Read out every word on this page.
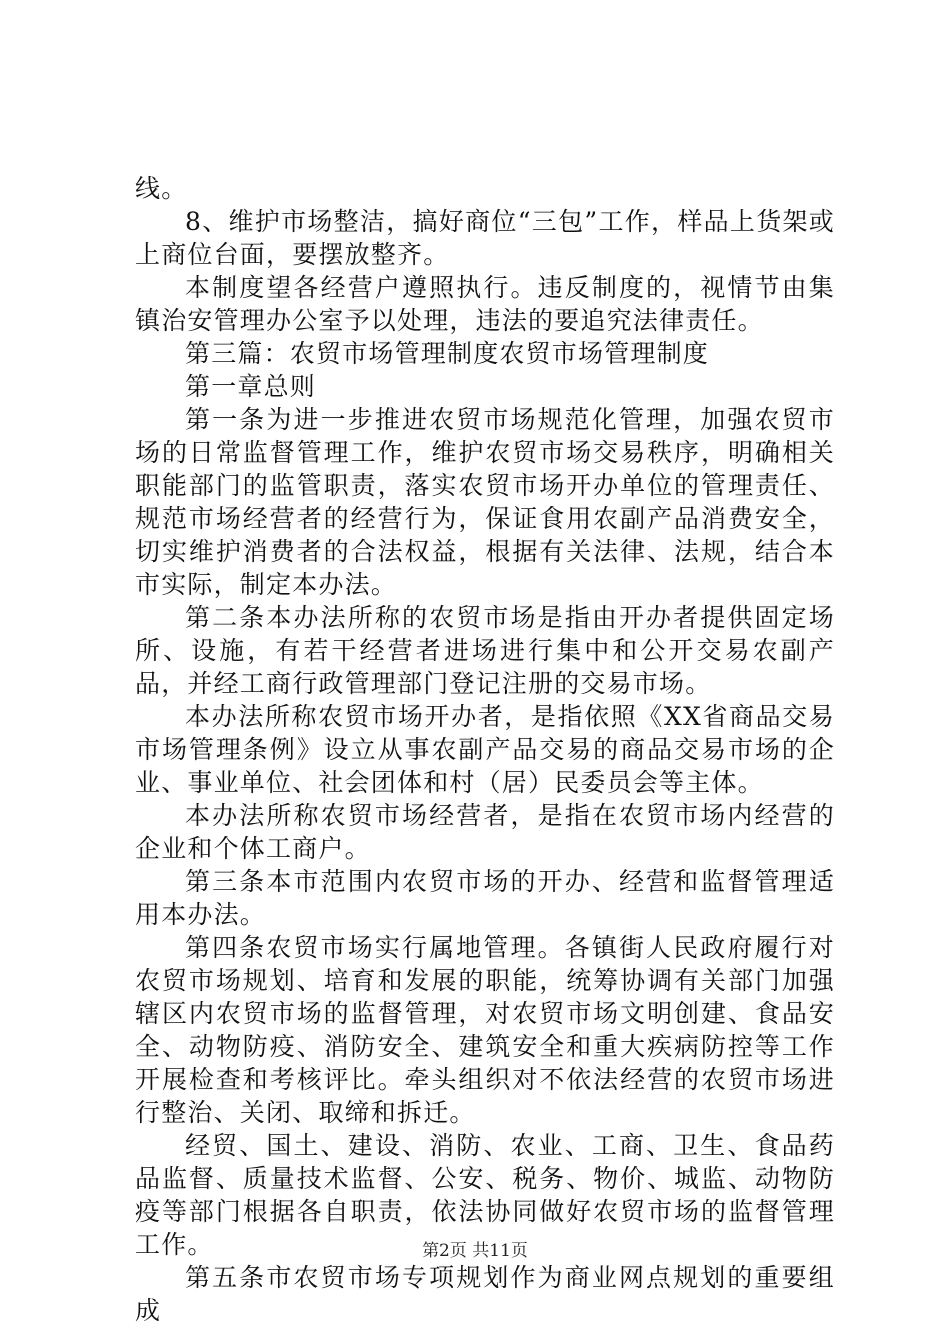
线。

8、维护市场整洁，搞好商位“三包”工作，样品上货架或上商位台面，要摆放整齐。

本制度望各经营户遵照执行。违反制度的，视情节由集镇治安管理办公室予以处理，违法的要追究法律责任。

第三篇：农贸市场管理制度农贸市场管理制度

第一章总则

第一条为进一步推进农贸市场规范化管理，加强农贸市场的日常监督管理工作，维护农贸市场交易秩序，明确相关职能部门的监管职责，落实农贸市场开办单位的管理责任、规范市场经营者的经营行为，保证食用农副产品消费安全，切实维护消费者的合法权益，根据有关法律、法规，结合本市实际，制定本办法。

第二条本办法所称的农贸市场是指由开办者提供固定场所、设施，有若干经营者进场进行集中和公开交易农副产品，并经工商行政管理部门登记注册的交易市场。

本办法所称农贸市场开办者，是指依照《XX省商品交易市场管理条例》设立从事农副产品交易的商品交易市场的企业、事业单位、社会团体和村（居）民委员会等主体。

本办法所称农贸市场经营者，是指在农贸市场内经营的企业和个体工商户。

第三条本市范围内农贸市场的开办、经营和监督管理适用本办法。

第四条农贸市场实行属地管理。各镇街人民政府履行对农贸市场规划、培育和发展的职能，统筹协调有关部门加强辖区内农贸市场的监督管理，对农贸市场文明创建、食品安全、动物防疫、消防安全、建筑安全和重大疾病防控等工作开展检查和考核评比。牵头组织对不依法经营的农贸市场进行整治、关闭、取缔和拆迁。

经贸、国土、建设、消防、农业、工商、卫生、食品药品监督、质量技术监督、公安、税务、物价、城监、动物防疫等部门根据各自职责，依法协同做好农贸市场的监督管理工作。

第五条市农贸市场专项规划作为商业网点规划的重要组成

第2页 共11页
